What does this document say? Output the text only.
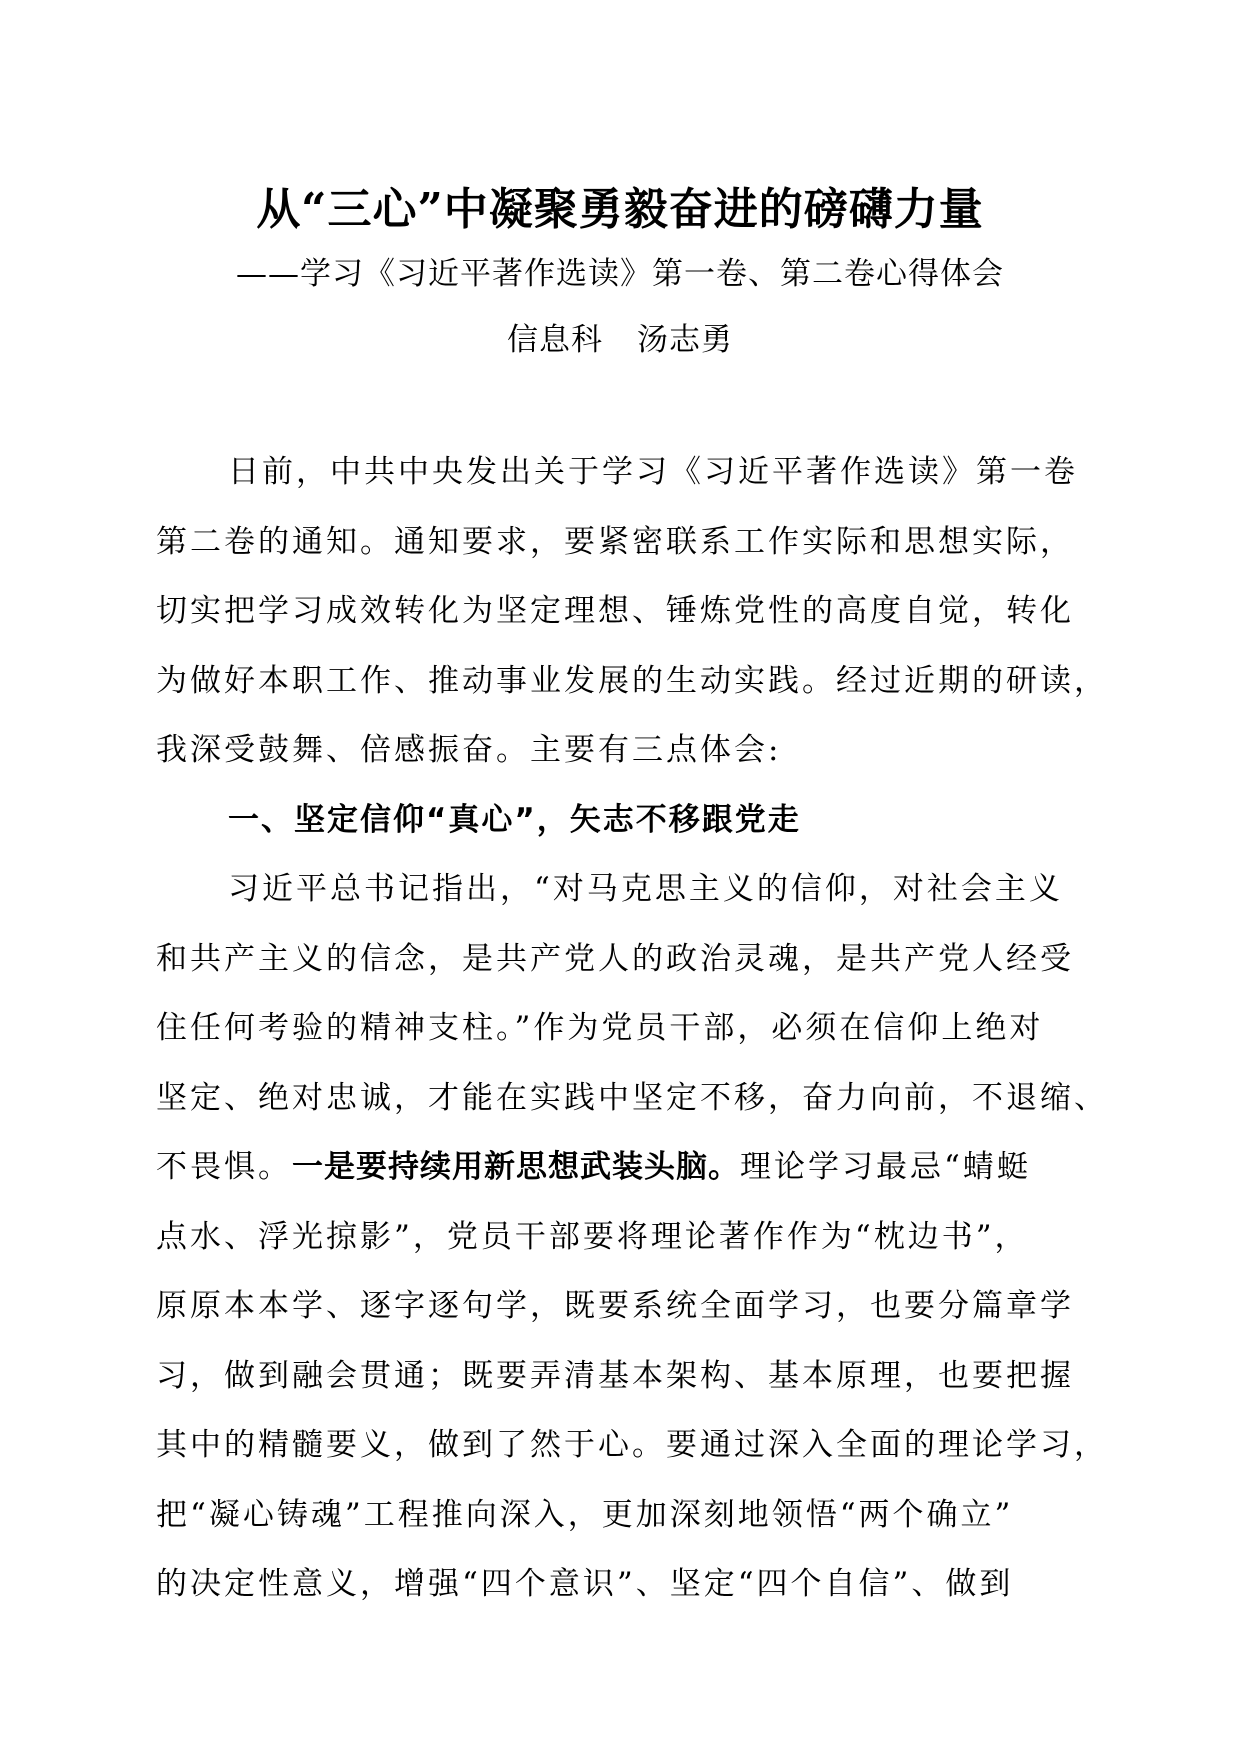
从“三心”中凝聚勇毅奋进的磅礴力量
——学习《习近平著作选读》第一卷、第二卷心得体会
信息科 汤志勇
日前，中共中央发出关于学习《习近平著作选读》第一卷
第二卷的通知。通知要求，要紧密联系工作实际和思想实际，
切实把学习成效转化为坚定理想、锤炼党性的高度自觉，转化
为做好本职工作、推动事业发展的生动实践。经过近期的研读，
我深受鼓舞、倍感振奋。主要有三点体会:
一、坚定信仰“真心”，矢志不移跟党走
习近平总书记指出，“对马克思主义的信仰，对社会主义
和共产主义的信念，是共产党人的政治灵魂，是共产党人经受
住任何考验的精神支柱。”作为党员干部，必须在信仰上绝对
坚定、绝对忠诚，才能在实践中坚定不移，奋力向前，不退缩、
不畏惧。一是要持续用新思想武装头脑。理论学习最忌“蜻蜓
点水、浮光掠影”，党员干部要将理论著作作为“枕边书”，
原原本本学、逐字逐句学，既要系统全面学习，也要分篇章学
习，做到融会贯通；既要弄清基本架构、基本原理，也要把握
其中的精髓要义，做到了然于心。要通过深入全面的理论学习，
把“凝心铸魂”工程推向深入，更加深刻地领悟“两个确立”
的决定性意义，增强“四个意识”、坚定“四个自信”、做到
